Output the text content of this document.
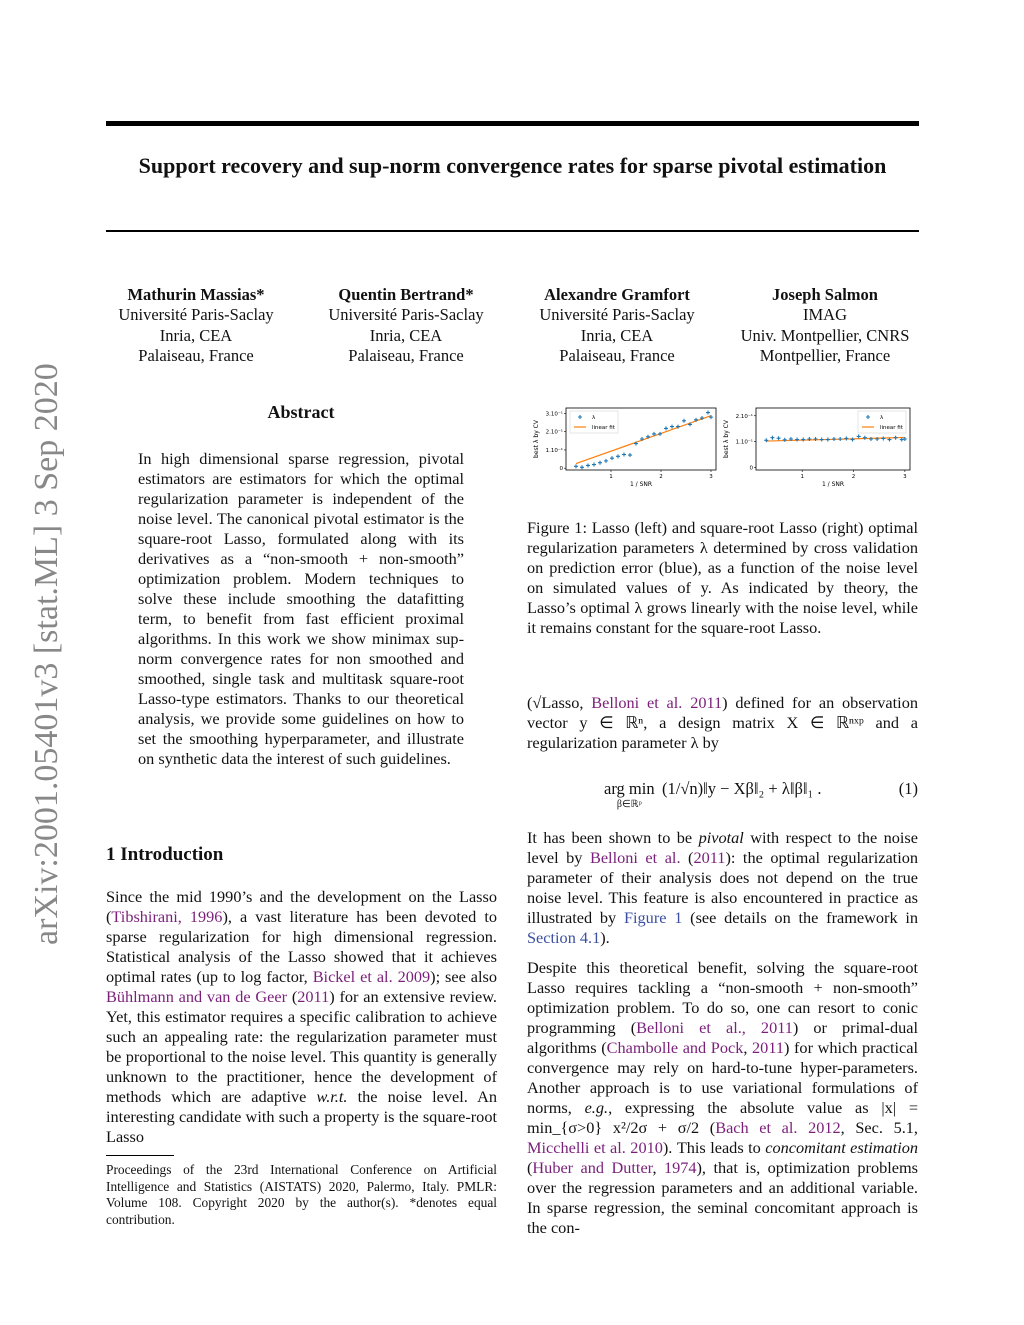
Support recovery and sup-norm convergence rates for sparse pivotal estimation
arXiv:2001.05401v3 [stat.ML] 3 Sep 2020
Mathurin Massias*
Université Paris-Saclay
Inria, CEA
Palaiseau, France
Quentin Bertrand*
Université Paris-Saclay
Inria, CEA
Palaiseau, France
Alexandre Gramfort
Université Paris-Saclay
Inria, CEA
Palaiseau, France
Joseph Salmon
IMAG
Univ. Montpellier, CNRS
Montpellier, France
Abstract
In high dimensional sparse regression, pivotal estimators are estimators for which the optimal regularization parameter is independent of the noise level. The canonical pivotal estimator is the square-root Lasso, formulated along with its derivatives as a “non-smooth + non-smooth” optimization problem. Modern techniques to solve these include smoothing the datafitting term, to benefit from fast efficient proximal algorithms. In this work we show minimax sup-norm convergence rates for non smoothed and smoothed, single task and multitask square-root Lasso-type estimators. Thanks to our theoretical analysis, we provide some guidelines on how to set the smoothing hyperparameter, and illustrate on synthetic data the interest of such guidelines.
1 Introduction

Since the mid 1990’s and the development on the Lasso (Tibshirani, 1996), a vast literature has been devoted to sparse regularization for high dimensional regression. Statistical analysis of the Lasso showed that it achieves optimal rates (up to log factor, Bickel et al. 2009); see also Bühlmann and van de Geer (2011) for an extensive review. Yet, this estimator requires a specific calibration to achieve such an appealing rate: the regularization parameter must be proportional to the noise level. This quantity is generally unknown to the practitioner, hence the development of methods which are adaptive w.r.t. the noise level. An interesting candidate with such a property is the square-root Lasso

Proceedings of the 23rd International Conference on Artificial Intelligence and Statistics (AISTATS) 2020, Palermo, Italy. PMLR: Volume 108. Copyright 2020 by the author(s). *denotes equal contribution.
0
1.10⁻¹
2.10⁻¹
3.10⁻¹
1	2	3
1 / SNR
best λ by CV
λ
linear fit
0
1.10⁻¹
2.10⁻¹
1	2	3
1 / SNR
best λ by CV
λ
linear fit
Figure 1: Lasso (left) and square-root Lasso (right) optimal regularization parameters λ determined by cross validation on prediction error (blue), as a function of the noise level on simulated values of y. As indicated by theory, the Lasso’s optimal λ grows linearly with the noise level, while it remains constant for the square-root Lasso.

(√Lasso, Belloni et al. 2011) defined for an observation vector y ∈ ℝⁿ, a design matrix X ∈ ℝⁿˣᵖ and a regularization parameter λ by

arg min
β∈ℝᵖ
(1/√n)‖y − Xβ‖₂ + λ‖β‖₁ .	(1)

It has been shown to be pivotal with respect to the noise level by Belloni et al. (2011): the optimal regularization parameter of their analysis does not depend on the true noise level. This feature is also encountered in practice as illustrated by Figure 1 (see details on the framework in Section 4.1).

Despite this theoretical benefit, solving the square-root Lasso requires tackling a “non-smooth + non-smooth” optimization problem. To do so, one can resort to conic programming (Belloni et al., 2011) or primal-dual algorithms (Chambolle and Pock, 2011) for which practical convergence may rely on hard-to-tune hyper-parameters. Another approach is to use variational formulations of norms, e.g., expressing the absolute value as |x| = min_{σ>0} x²/2σ + σ/2 (Bach et al. 2012, Sec. 5.1, Micchelli et al. 2010). This leads to concomitant estimation (Huber and Dutter, 1974), that is, optimization problems over the regression parameters and an additional variable. In sparse regression, the seminal concomitant approach is the con-
